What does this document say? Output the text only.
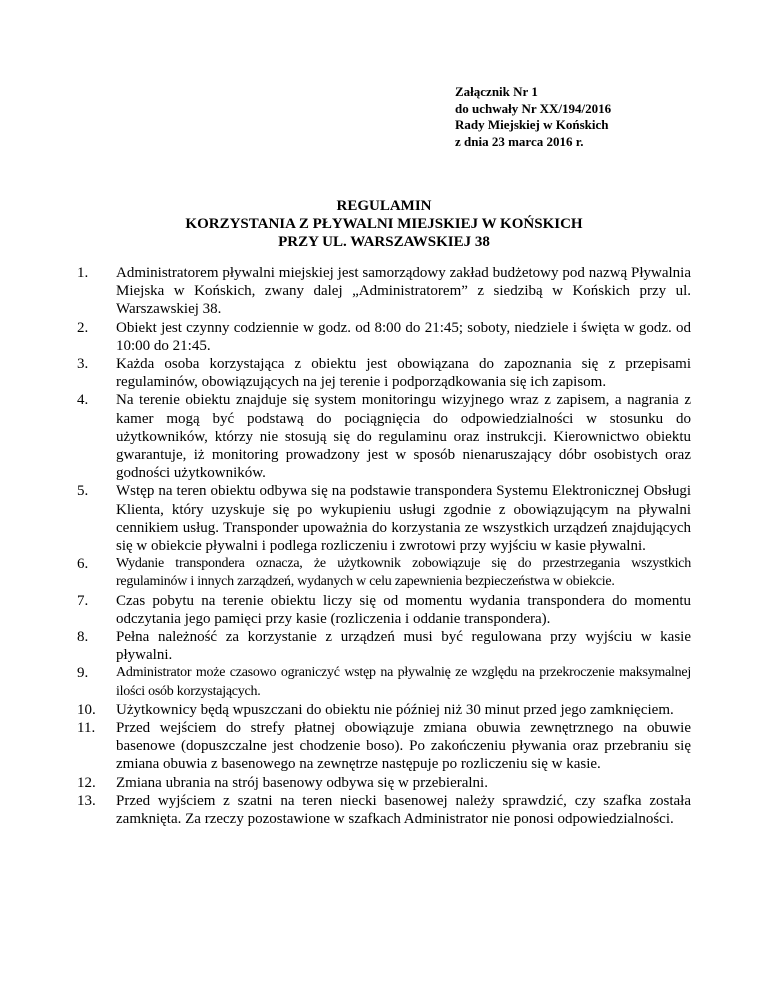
Załącznik Nr 1
do uchwały Nr XX/194/2016
Rady Miejskiej w Końskich
z dnia 23 marca 2016 r.
REGULAMIN
KORZYSTANIA Z PŁYWALNI MIEJSKIEJ W KOŃSKICH
PRZY UL. WARSZAWSKIEJ 38
1.	Administratorem pływalni miejskiej jest samorządowy zakład budżetowy pod nazwą Pływalnia Miejska w Końskich, zwany dalej „Administratorem” z siedzibą w Końskich przy ul. Warszawskiej 38.
2.	Obiekt jest czynny codziennie w godz. od 8:00 do 21:45; soboty, niedziele i święta w godz. od 10:00 do 21:45.
3.	Każda osoba korzystająca z obiektu jest obowiązana do zapoznania się z przepisami regulaminów, obowiązujących na jej terenie i podporządkowania się ich zapisom.
4.	Na terenie obiektu znajduje się system monitoringu wizyjnego wraz z zapisem, a nagrania z kamer mogą być podstawą do pociągnięcia do odpowiedzialności w stosunku do użytkowników, którzy nie stosują się do regulaminu oraz instrukcji. Kierownictwo obiektu gwarantuje, iż monitoring prowadzony jest w sposób nienaruszający dóbr osobistych oraz godności użytkowników.
5.	Wstęp na teren obiektu odbywa się na podstawie transpondera Systemu Elektronicznej Obsługi Klienta, który uzyskuje się po wykupieniu usługi zgodnie z obowiązującym na pływalni cennikiem usług. Transponder upoważnia do korzystania ze wszystkich urządzeń znajdujących się w obiekcie pływalni i podlega rozliczeniu i zwrotowi przy wyjściu w kasie pływalni.
6.	Wydanie transpondera oznacza, że użytkownik zobowiązuje się do przestrzegania wszystkich regulaminów i innych zarządzeń, wydanych w celu zapewnienia bezpieczeństwa w obiekcie.
7.	Czas pobytu na terenie obiektu liczy się od momentu wydania transpondera do momentu odczytania jego pamięci przy kasie (rozliczenia i oddanie transpondera).
8.	Pełna należność za korzystanie z urządzeń musi być regulowana przy wyjściu w kasie pływalni.
9.	Administrator może czasowo ograniczyć wstęp na pływalnię ze względu na przekroczenie maksymalnej ilości osób korzystających.
10.	Użytkownicy będą wpuszczani do obiektu nie później niż 30 minut przed jego zamknięciem.
11.	Przed wejściem do strefy płatnej obowiązuje zmiana obuwia zewnętrznego na obuwie basenowe (dopuszczalne jest chodzenie boso). Po zakończeniu pływania oraz przebraniu się zmiana obuwia z basenowego na zewnętrze następuje po rozliczeniu się w kasie.
12.	Zmiana ubrania na strój basenowy odbywa się w przebieralni.
13.	Przed wyjściem z szatni na teren niecki basenowej należy sprawdzić, czy szafka została zamknięta. Za rzeczy pozostawione w szafkach Administrator nie ponosi odpowiedzialności.
